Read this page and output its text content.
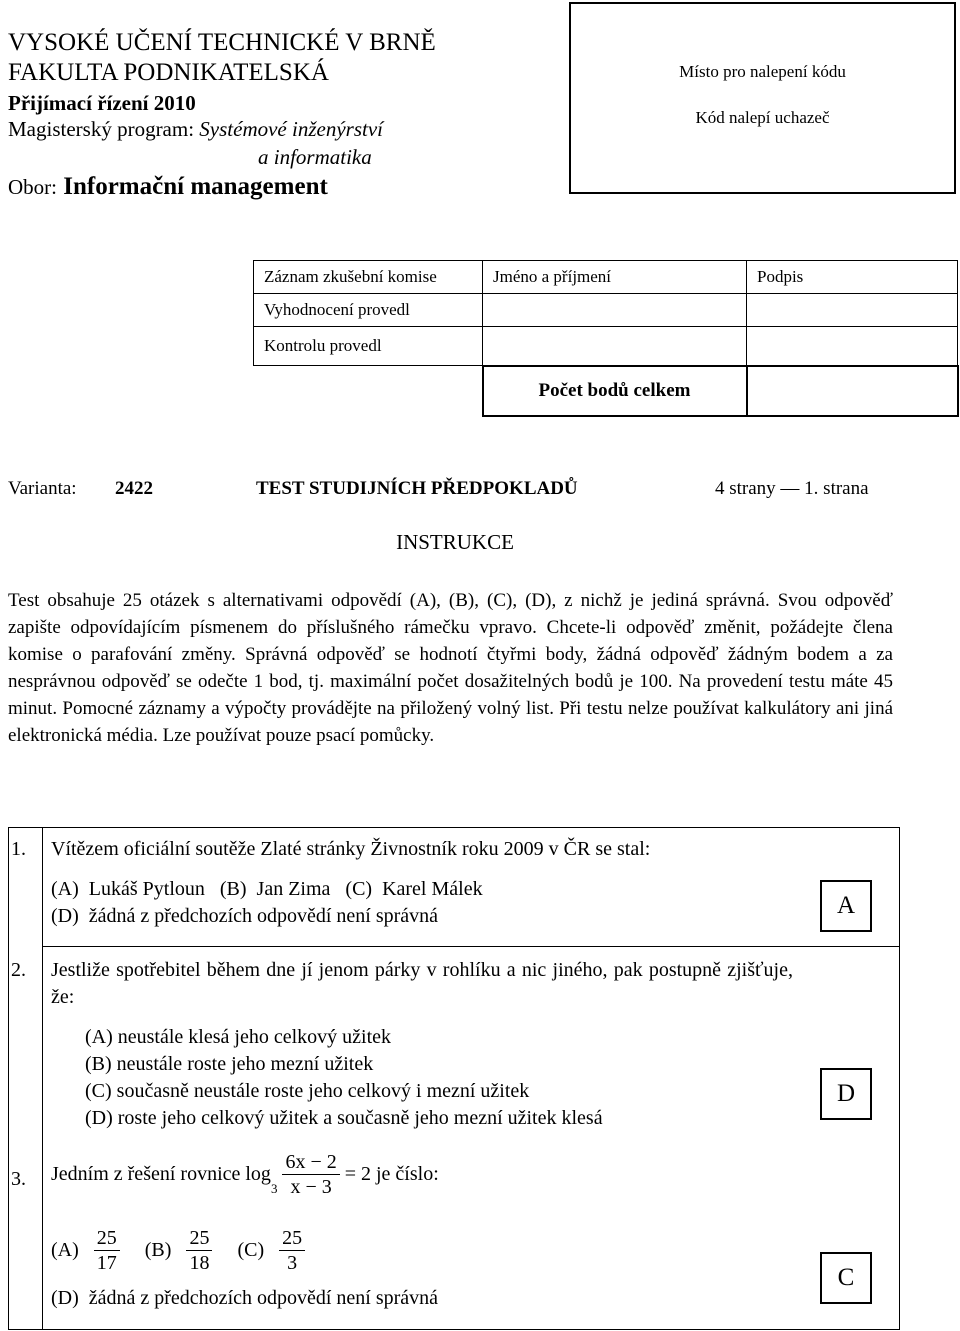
VYSOKÉ UČENÍ TECHNICKÉ V BRNĚ
FAKULTA PODNIKATELSKÁ
Přijímací řízení 2010
Magisterský program: Systémové inženýrství
a informatika
Obor: Informační management
Místo pro nalepení kódu
Kód nalepí uchazeč
Záznam zkušební komise	Jméno a příjmení	Podpis
Vyhodnocení provedl		
Kontrolu provedl		
	Počet bodů celkem	
Varianta: 2422	TEST STUDIJNÍCH PŘEDPOKLADŮ	4 strany — 1. strana
INSTRUKCE
Test obsahuje 25 otázek s alternativami odpovědí (A), (B), (C), (D), z nichž je jediná správná. Svou odpověď zapište odpovídajícím písmenem do příslušného rámečku vpravo. Chcete-li odpověď změnit, požádejte člena komise o parafování změny. Správná odpověď se hodnotí čtyřmi body, žádná odpověď žádným bodem a za nesprávnou odpověď se odečte 1 bod, tj. maximální počet dosažitelných bodů je 100. Na provedení testu máte 45 minut. Pomocné záznamy a výpočty provádějte na přiložený volný list. Při testu nelze používat kalkulátory ani jiná elektronická média. Lze používat pouze psací pomůcky.
1. Vítězem oficiální soutěže Zlaté stránky Živnostník roku 2009 v ČR se stal:
(A)  Lukáš Pytloun   (B)  Jan Zima   (C)  Karel Málek
(D)  žádná z předchozích odpovědí není správná	A
2. Jestliže spotřebitel během dne jí jenom párky v rohlíku a nic jiného, pak postupně zjišťuje, že:
(A) neustále klesá jeho celkový užitek
(B) neustále roste jeho mezní užitek
(C) současně neustále roste jeho celkový i mezní užitek
(D) roste jeho celkový užitek a současně jeho mezní užitek klesá
D
3. Jedním z řešení rovnice $\log_3 \frac{6x - 2}{x - 3} = 2$ je číslo:
$(A) \frac{25}{17} (B) \frac{25}{18} (C) \frac{25}{3}$
(D)  žádná z předchozích odpovědí není správná
C
